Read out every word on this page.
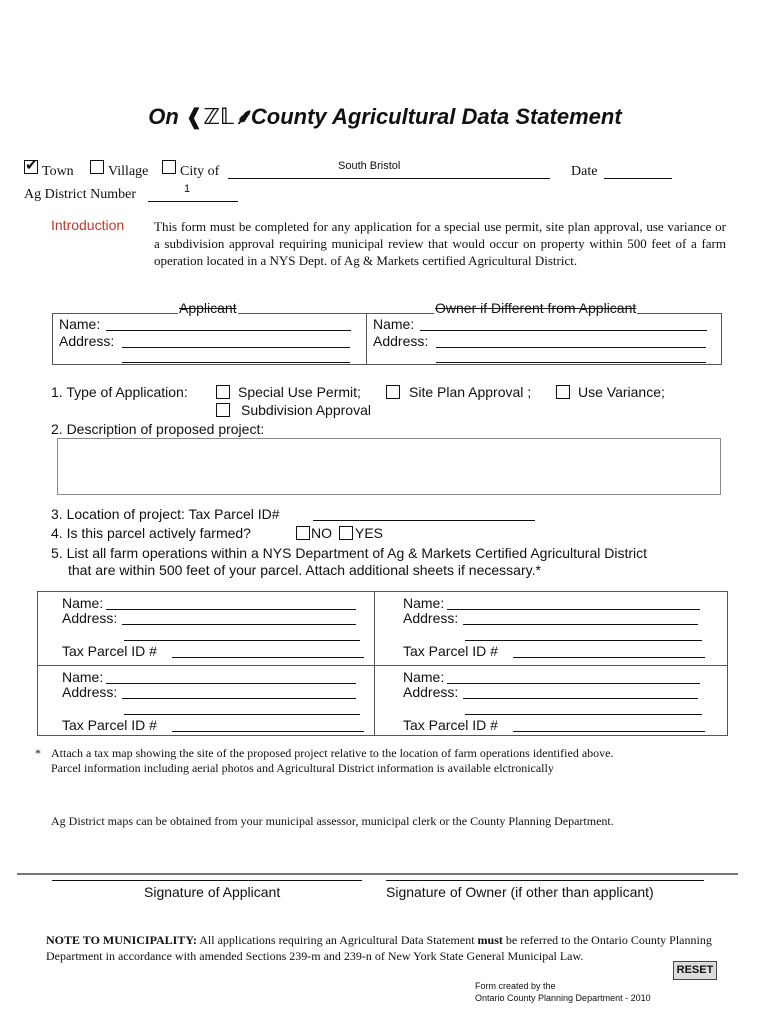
On ❰ℤ𝕃⸙County Agricultural Data Statement
✔ Town Village City of	South Bristol	Date
Ag District Number	1
Introduction This form must be completed for any application for a special use permit, site plan approval, use variance or a subdivision approval requiring municipal review that would occur on property within 500 feet of a farm operation located in a NYS Dept. of Ag & Markets certified Agricultural District.
Applicant	Owner if Different from Applicant
Name:
Address:
Name:
Address:
1. Type of Application:	Special Use Permit;	Site Plan Approval ;	Use Variance;
Subdivision Approval
2. Description of proposed project:
3. Location of project: Tax Parcel ID#
4. Is this parcel actively farmed?	NO YES
5. List all farm operations within a NYS Department of Ag & Markets Certified Agricultural District
that are within 500 feet of your parcel. Attach additional sheets if necessary.*
Name:
Address:
Tax Parcel ID #
Name:
Address:
Tax Parcel ID #
Name:
Address:
Tax Parcel ID #
Name:
Address:
Tax Parcel ID #
* Attach a tax map showing the site of the proposed project relative to the location of farm operations identified above.
Parcel information including aerial photos and Agricultural District information is available elctronically
Ag District maps can be obtained from your municipal assessor, municipal clerk or the County Planning Department.
Signature of Applicant	Signature of Owner (if other than applicant)
NOTE TO MUNICIPALITY: All applications requiring an Agricultural Data Statement must be referred to the Ontario County Planning Department in accordance with amended Sections 239-m and 239-n of New York State General Municipal Law.
RESET
Form created by the
Ontario County Planning Department - 2010
